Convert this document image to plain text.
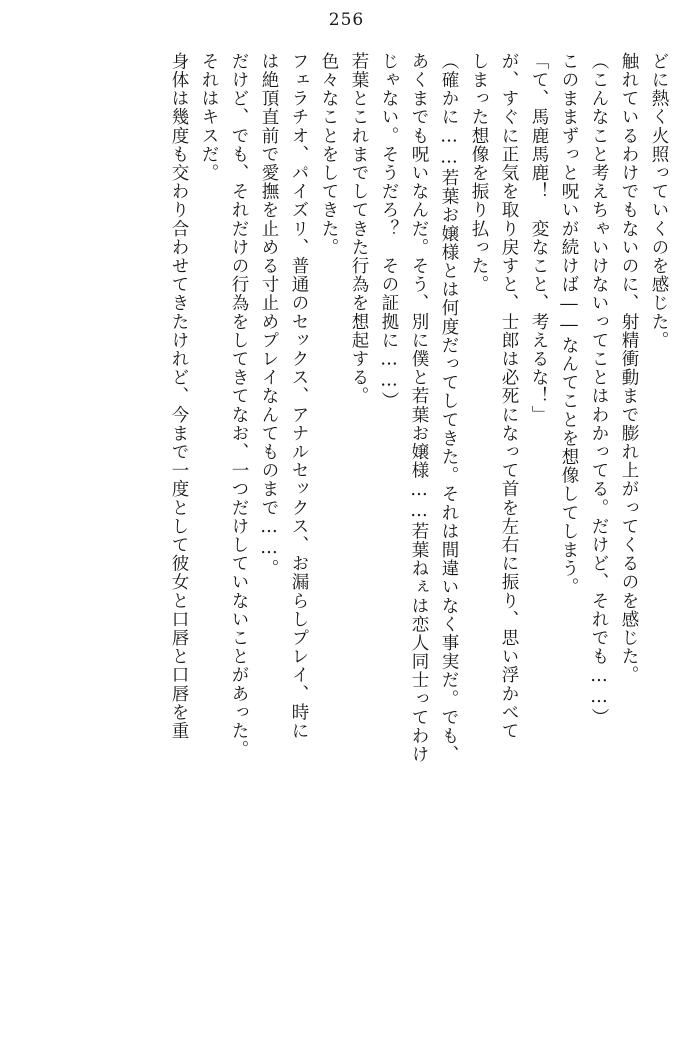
256
どに熱く火照っていくのを感じた。
触れているわけでもないのに、射精衝動まで膨れ上がってくるのを感じた。
（こんなこと考えちゃいけないってことはわかってる。だけど、それでも……）
このままずっと呪いが続けば――なんてことを想像してしまう。
「て、馬鹿馬鹿！　変なこと、考えるな！」
が、すぐに正気を取り戻すと、士郎は必死になって首を左右に振り、思い浮かべて
しまった想像を振り払った。
（確かに……若葉お嬢様とは何度だってしてきた。それは間違いなく事実だ。でも、
あくまでも呪いなんだ。そう、別に僕と若葉お嬢様……若葉ねぇは恋人同士ってわけ
じゃない。そうだろ？　その証拠に……）
若葉とこれまでしてきた行為を想起する。
色々なことをしてきた。
フェラチオ、パイズリ、普通のセックス、アナルセックス、お漏らしプレイ、時に
は絶頂直前で愛撫を止める寸止めプレイなんてものまで……。
だけど、でも、それだけの行為をしてきてなお、一つだけしていないことがあった。
それはキスだ。
身体は幾度も交わり合わせてきたけれど、今まで一度として彼女と口唇と口唇を重
